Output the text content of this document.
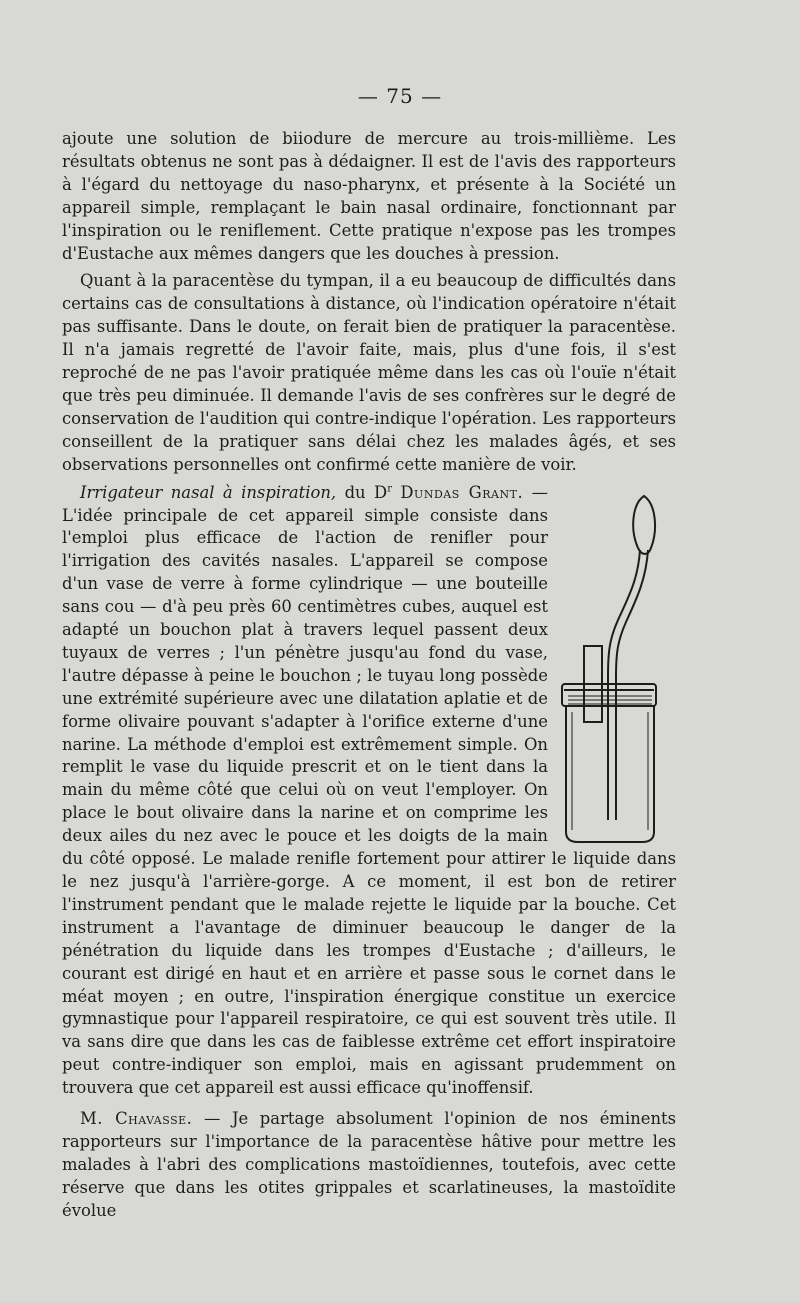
— 75 —

ajoute une solution de biiodure de mercure au trois-millième. Les résultats obtenus ne sont pas à dédaigner. Il est de l'avis des rapporteurs à l'égard du nettoyage du naso-pharynx, et présente à la Société un appareil simple, remplaçant le bain nasal ordinaire, fonctionnant par l'inspiration ou le reniflement. Cette pratique n'expose pas les trompes d'Eustache aux mêmes dangers que les douches à pression.

Quant à la paracentèse du tympan, il a eu beaucoup de difficultés dans certains cas de consultations à distance, où l'indication opératoire n'était pas suffisante. Dans le doute, on ferait bien de pratiquer la paracentèse. Il n'a jamais regretté de l'avoir faite, mais, plus d'une fois, il s'est reproché de ne pas l'avoir pratiquée même dans les cas où l'ouïe n'était que très peu diminuée. Il demande l'avis de ses confrères sur le degré de conservation de l'audition qui contre-indique l'opération. Les rapporteurs conseillent de la pratiquer sans délai chez les malades âgés, et ses observations personnelles ont confirmé cette manière de voir.

Irrigateur nasal à inspiration, du $D^r$ Dundas Grant. — L'idée principale de cet appareil simple consiste dans l'emploi plus efficace de l'action de renifler pour l'irrigation des cavités nasales. L'appareil se compose d'un vase de verre à forme cylindrique — une bouteille sans cou — d'à peu près 60 centimètres cubes, auquel est adapté un bouchon plat à travers lequel passent deux tuyaux de verres ; l'un pénètre jusqu'au fond du vase, l'autre dépasse à peine le bouchon ; le tuyau long possède une extrémité supérieure avec une dilatation aplatie et de forme olivaire pouvant s'adapter à l'orifice externe d'une narine. La méthode d'emploi est extrêmement simple. On remplit le vase du liquide prescrit et on le tient dans la main du même côté que celui où on veut l'employer. On place le bout olivaire dans la narine et on comprime les deux ailes du nez avec le pouce et les doigts de la main du côté opposé. Le malade renifle fortement pour attirer le liquide dans le nez jusqu'à l'arrière-gorge. A ce moment, il est bon de retirer l'instrument pendant que le malade rejette le liquide par la bouche. Cet instrument a l'avantage de diminuer beaucoup le danger de la pénétration du liquide dans les trompes d'Eustache ; d'ailleurs, le courant est dirigé en haut et en arrière et passe sous le cornet dans le méat moyen ; en outre, l'inspiration énergique constitue un exercice gymnastique pour l'appareil respiratoire, ce qui est souvent très utile. Il va sans dire que dans les cas de faiblesse extrême cet effort inspiratoire peut contre-indiquer son emploi, mais en agissant prudemment on trouvera que cet appareil est aussi efficace qu'inoffensif.

M. Chavasse. — Je partage absolument l'opinion de nos éminents rapporteurs sur l'importance de la paracentèse hâtive pour mettre les malades à l'abri des complications mastoïdiennes, toutefois, avec cette réserve que dans les otites grippales et scarlatineuses, la mastoïdite évolue
